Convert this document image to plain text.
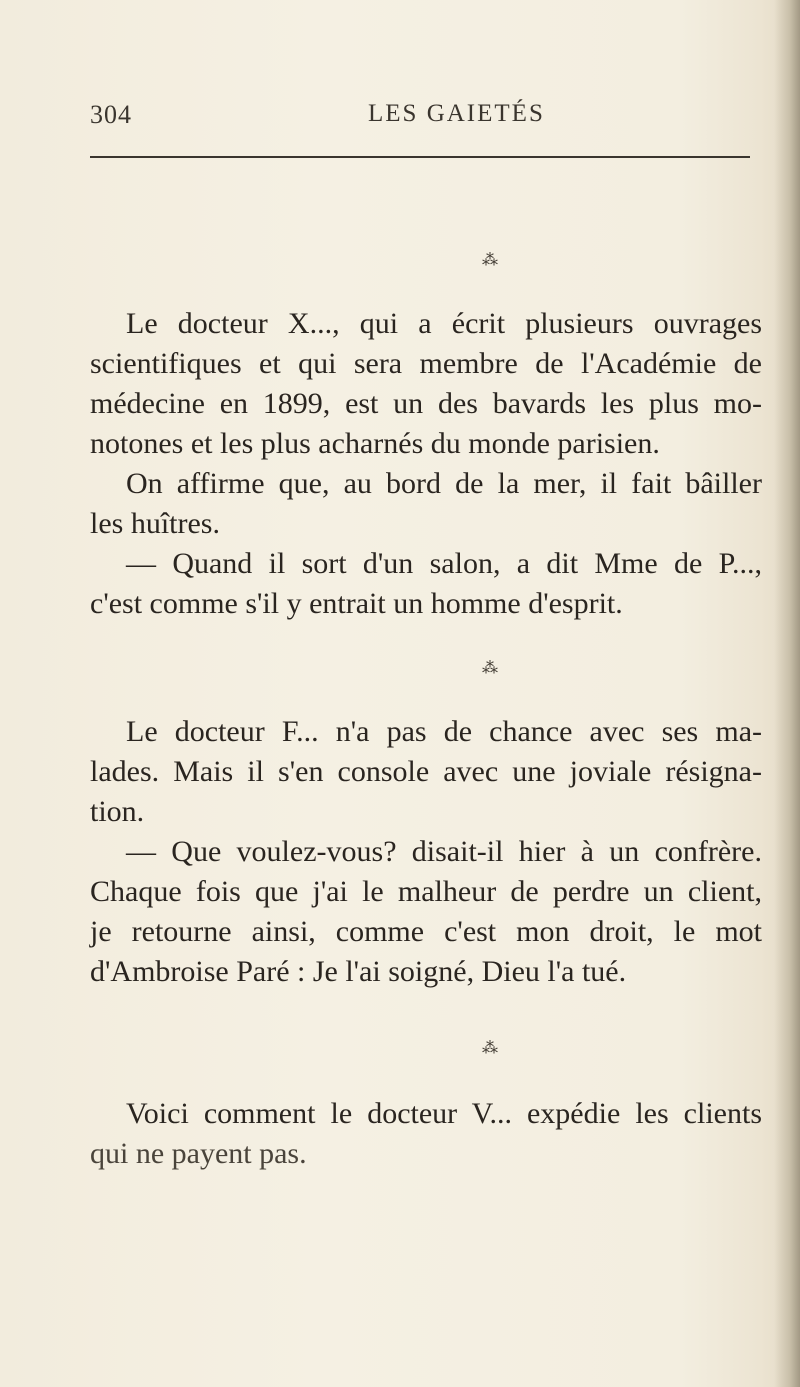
304	LES GAIETÉS
⁂
Le docteur X..., qui a écrit plusieurs ouvrages
scientifiques et qui sera membre de l'Académie de
médecine en 1899, est un des bavards les plus mo-
notones et les plus acharnés du monde parisien.
On affirme que, au bord de la mer, il fait bâiller
les huîtres.
— Quand il sort d'un salon, a dit Mme de P...,
c'est comme s'il y entrait un homme d'esprit.
⁂
Le docteur F... n'a pas de chance avec ses ma-
lades. Mais il s'en console avec une joviale résigna-
tion.
— Que voulez-vous? disait-il hier à un confrère.
Chaque fois que j'ai le malheur de perdre un client,
je retourne ainsi, comme c'est mon droit, le mot
d'Ambroise Paré : Je l'ai soigné, Dieu l'a tué.
⁂
Voici comment le docteur V... expédie les clients
qui ne payent pas.
